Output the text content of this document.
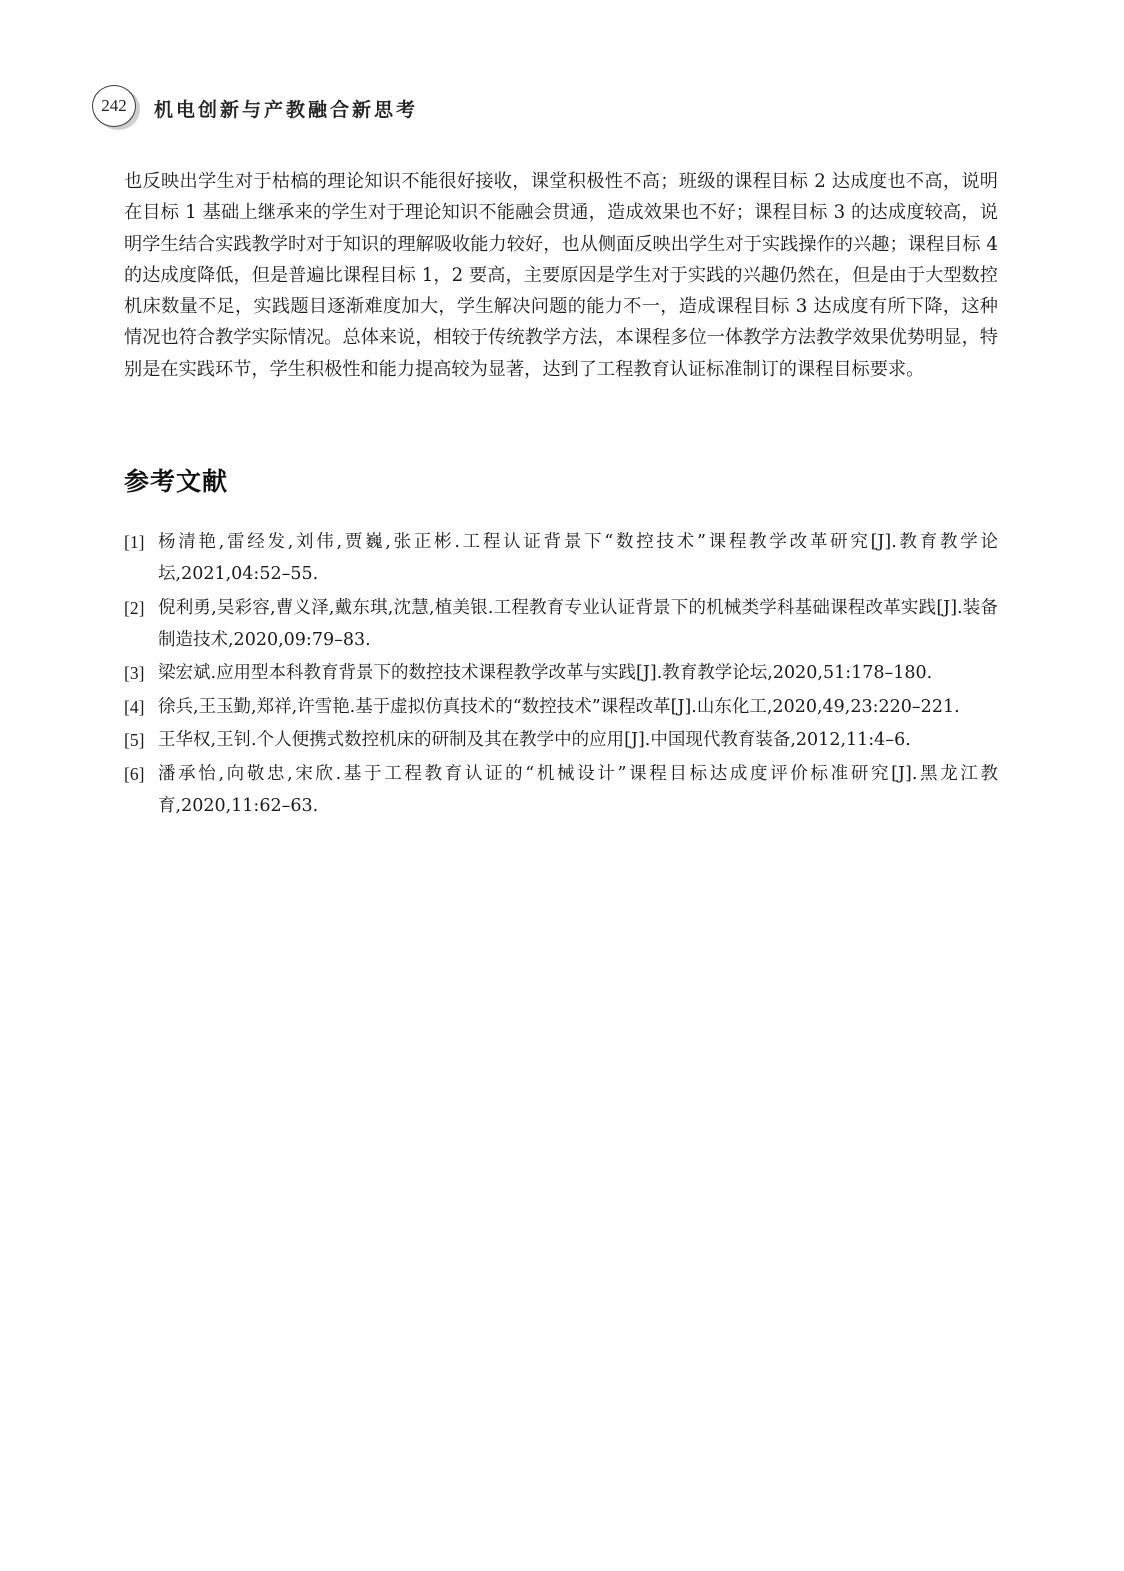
242	机电创新与产教融合新思考

也反映出学生对于枯槁的理论知识不能很好接收，课堂积极性不高；班级的课程目标 2 达成度也不高，说明在目标 1 基础上继承来的学生对于理论知识不能融会贯通，造成效果也不好；课程目标 3 的达成度较高，说明学生结合实践教学时对于知识的理解吸收能力较好，也从侧面反映出学生对于实践操作的兴趣；课程目标 4 的达成度降低，但是普遍比课程目标 1，2 要高，主要原因是学生对于实践的兴趣仍然在，但是由于大型数控机床数量不足，实践题目逐渐难度加大，学生解决问题的能力不一，造成课程目标 3 达成度有所下降，这种情况也符合教学实际情况。总体来说，相较于传统教学方法，本课程多位一体教学方法教学效果优势明显，特别是在实践环节，学生积极性和能力提高较为显著，达到了工程教育认证标准制订的课程目标要求。

参考文献
[1] 杨清艳,雷经发,刘伟,贾巍,张正彬.工程认证背景下“数控技术”课程教学改革研究[J].教育教学论坛,2021,04:52–55.
[2] 倪利勇,吴彩容,曹义泽,戴东琪,沈慧,植美银.工程教育专业认证背景下的机械类学科基础课程改革实践[J].装备制造技术,2020,09:79–83.
[3] 梁宏斌.应用型本科教育背景下的数控技术课程教学改革与实践[J].教育教学论坛,2020,51:178–180.
[4] 徐兵,王玉勤,郑祥,许雪艳.基于虚拟仿真技术的“数控技术”课程改革[J].山东化工,2020,49,23:220–221.
[5] 王华权,王钊.个人便携式数控机床的研制及其在教学中的应用[J].中国现代教育装备,2012,11:4–6.
[6] 潘承怡,向敬忠,宋欣.基于工程教育认证的“机械设计”课程目标达成度评价标准研究[J].黑龙江教育,2020,11:62–63.
